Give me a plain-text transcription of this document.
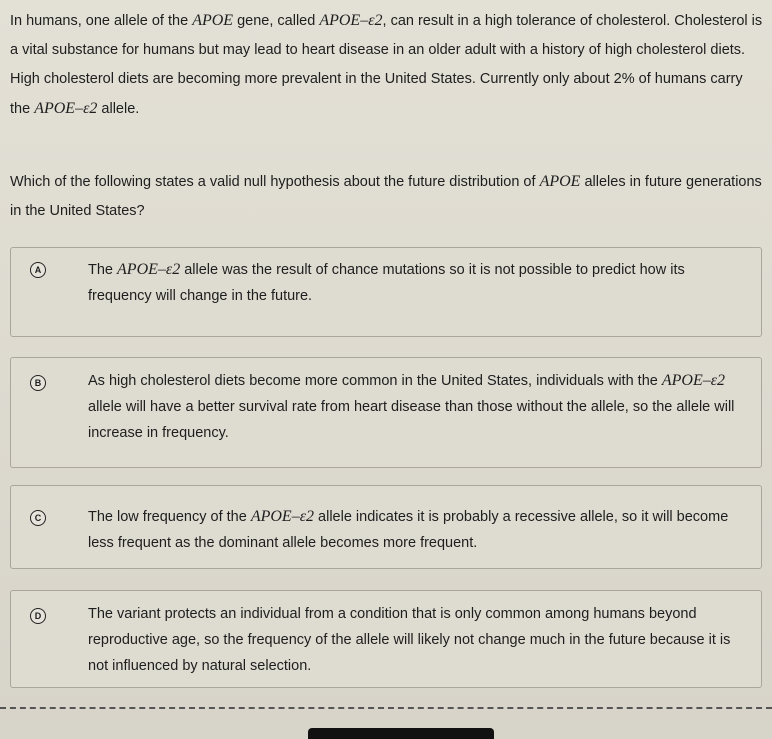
In humans, one allele of the APOE gene, called APOE–ε2, can result in a high tolerance of cholesterol. Cholesterol is a vital substance for humans but may lead to heart disease in an older adult with a history of high cholesterol diets. High cholesterol diets are becoming more prevalent in the United States. Currently only about 2% of humans carry the APOE–ε2 allele.

Which of the following states a valid null hypothesis about the future distribution of APOE alleles in future generations in the United States?

A	The APOE–ε2 allele was the result of chance mutations so it is not possible to predict how its frequency will change in the future.
B	As high cholesterol diets become more common in the United States, individuals with the APOE–ε2 allele will have a better survival rate from heart disease than those without the allele, so the allele will increase in frequency.
C	The low frequency of the APOE–ε2 allele indicates it is probably a recessive allele, so it will become less frequent as the dominant allele becomes more frequent.
D	The variant protects an individual from a condition that is only common among humans beyond reproductive age, so the frequency of the allele will likely not change much in the future because it is not influenced by natural selection.
